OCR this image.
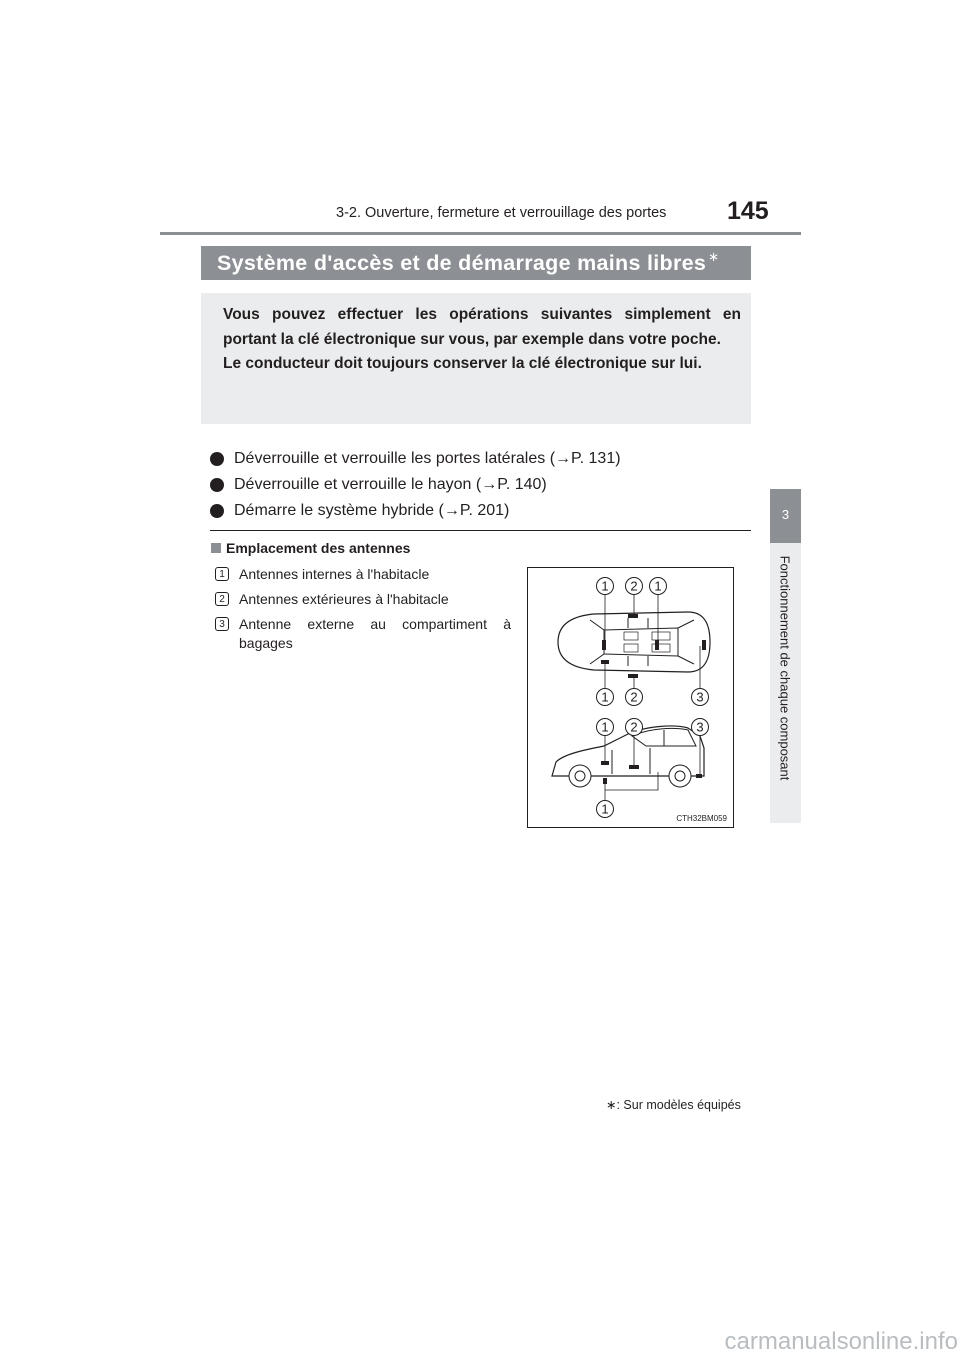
3-2. Ouverture, fermeture et verrouillage des portes 145
Système d'accès et de démarrage mains libres ∗
Vous pouvez effectuer les opérations suivantes simplement en portant la clé électronique sur vous, par exemple dans votre poche.
Le conducteur doit toujours conserver la clé électronique sur lui.
Déverrouille et verrouille les portes latérales (→P. 131)
Déverrouille et verrouille le hayon (→P. 140)
Démarre le système hybride (→P. 201)
Emplacement des antennes
1	Antennes internes à l'habitacle
2	Antennes extérieures à l'habitacle
3	Antenne externe au compartiment à bagages
1 2 1
1 2	3
1 2	3
1
CTH32BM059
3
Fonctionnement de chaque composant
∗: Sur modèles équipés
carmanualsonline.info
